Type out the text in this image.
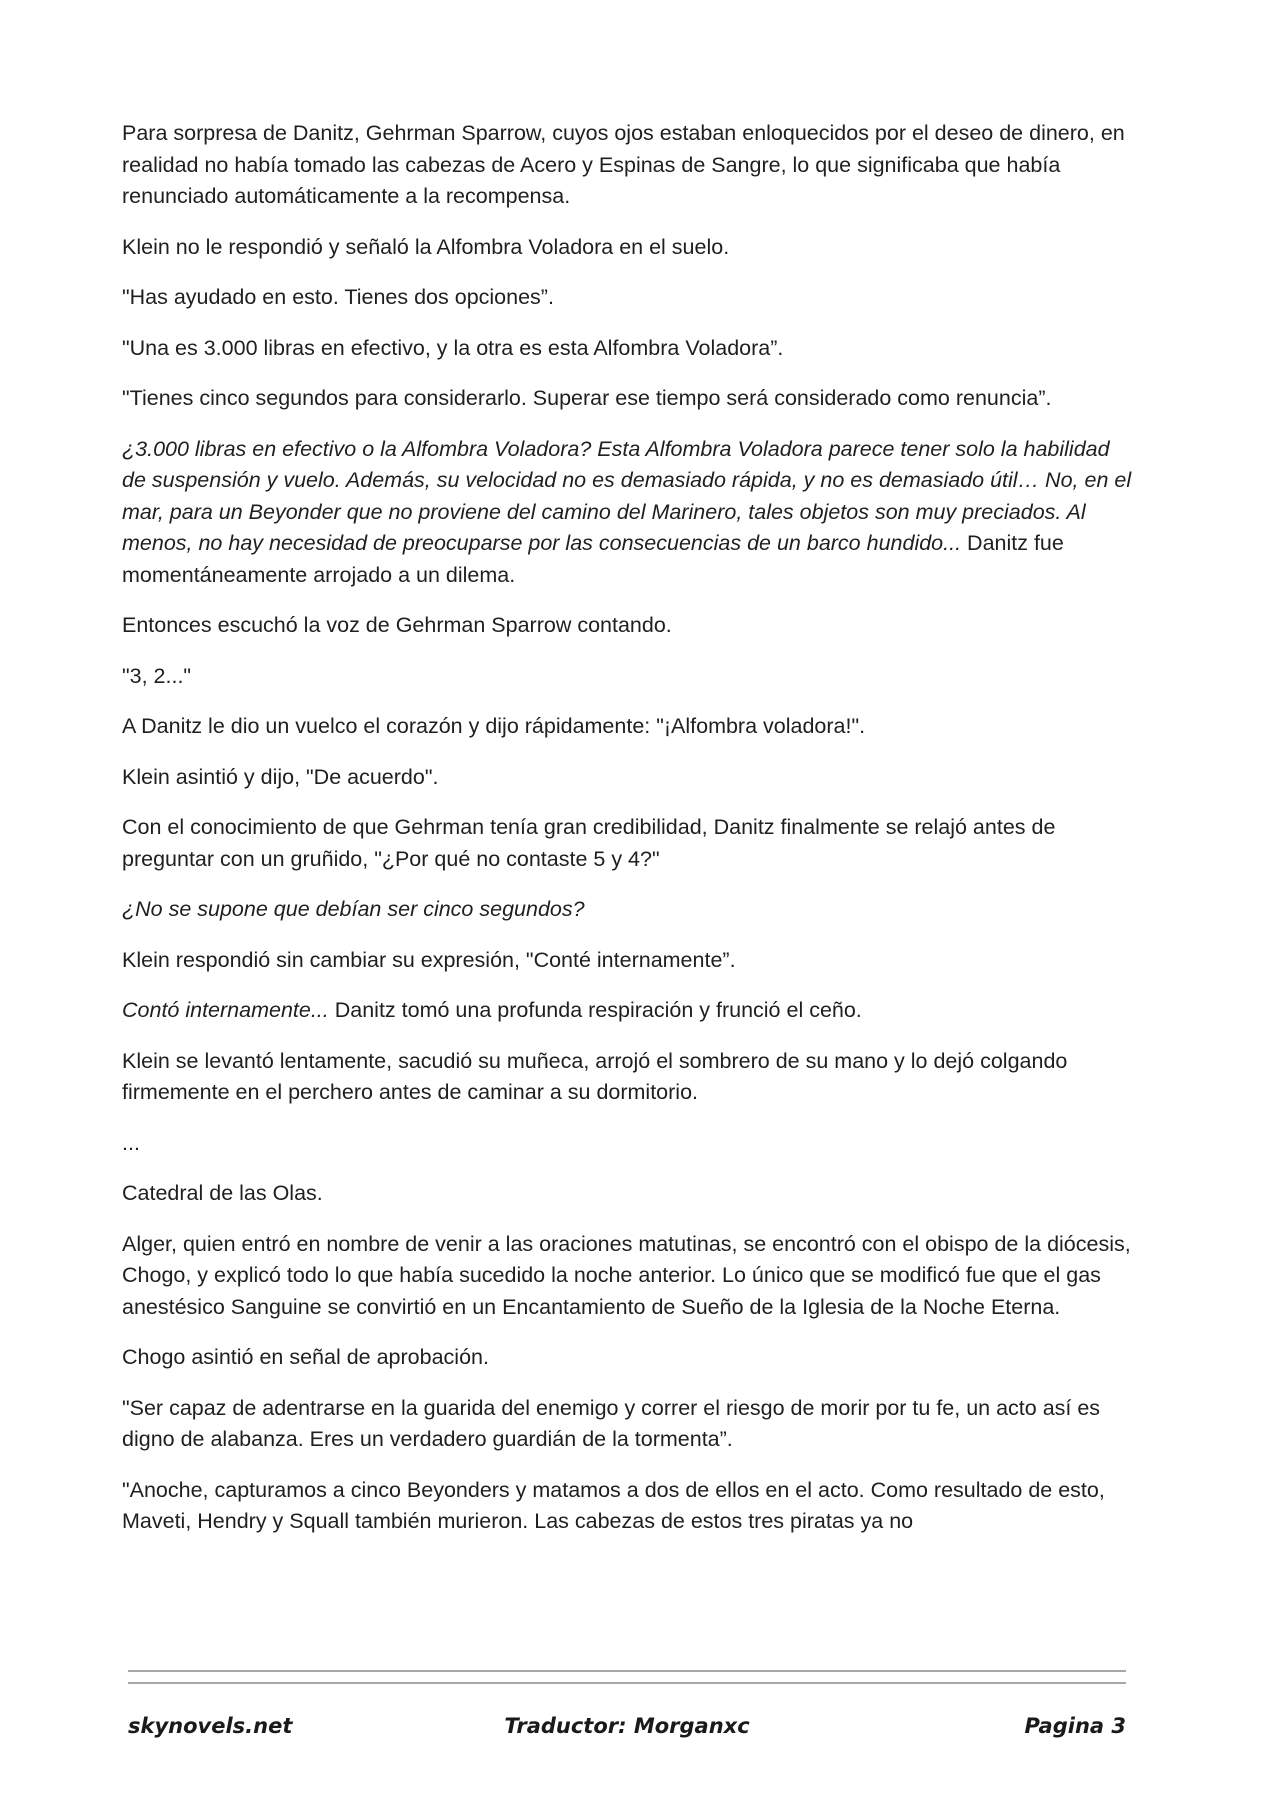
Para sorpresa de Danitz, Gehrman Sparrow, cuyos ojos estaban enloquecidos por el deseo de dinero, en realidad no había tomado las cabezas de Acero y Espinas de Sangre, lo que significaba que había renunciado automáticamente a la recompensa.

Klein no le respondió y señaló la Alfombra Voladora en el suelo.

"Has ayudado en esto. Tienes dos opciones”.

"Una es 3.000 libras en efectivo, y la otra es esta Alfombra Voladora”.

"Tienes cinco segundos para considerarlo. Superar ese tiempo será considerado como renuncia”.

¿3.000 libras en efectivo o la Alfombra Voladora? Esta Alfombra Voladora parece tener solo la habilidad de suspensión y vuelo. Además, su velocidad no es demasiado rápida, y no es demasiado útil… No, en el mar, para un Beyonder que no proviene del camino del Marinero, tales objetos son muy preciados. Al menos, no hay necesidad de preocuparse por las consecuencias de un barco hundido... Danitz fue momentáneamente arrojado a un dilema.

Entonces escuchó la voz de Gehrman Sparrow contando.

"3, 2..."

A Danitz le dio un vuelco el corazón y dijo rápidamente: "¡Alfombra voladora!".

Klein asintió y dijo, "De acuerdo".

Con el conocimiento de que Gehrman tenía gran credibilidad, Danitz finalmente se relajó antes de preguntar con un gruñido, "¿Por qué no contaste 5 y 4?"

¿No se supone que debían ser cinco segundos?

Klein respondió sin cambiar su expresión, "Conté internamente”.

Contó internamente... Danitz tomó una profunda respiración y frunció el ceño.

Klein se levantó lentamente, sacudió su muñeca, arrojó el sombrero de su mano y lo dejó colgando firmemente en el perchero antes de caminar a su dormitorio.

...

Catedral de las Olas.

Alger, quien entró en nombre de venir a las oraciones matutinas, se encontró con el obispo de la diócesis, Chogo, y explicó todo lo que había sucedido la noche anterior. Lo único que se modificó fue que el gas anestésico Sanguine se convirtió en un Encantamiento de Sueño de la Iglesia de la Noche Eterna.

Chogo asintió en señal de aprobación.

"Ser capaz de adentrarse en la guarida del enemigo y correr el riesgo de morir por tu fe, un acto así es digno de alabanza. Eres un verdadero guardián de la tormenta”.

"Anoche, capturamos a cinco Beyonders y matamos a dos de ellos en el acto. Como resultado de esto, Maveti, Hendry y Squall también murieron. Las cabezas de estos tres piratas ya no

skynovels.net	Traductor: Morganxc	Pagina 3
